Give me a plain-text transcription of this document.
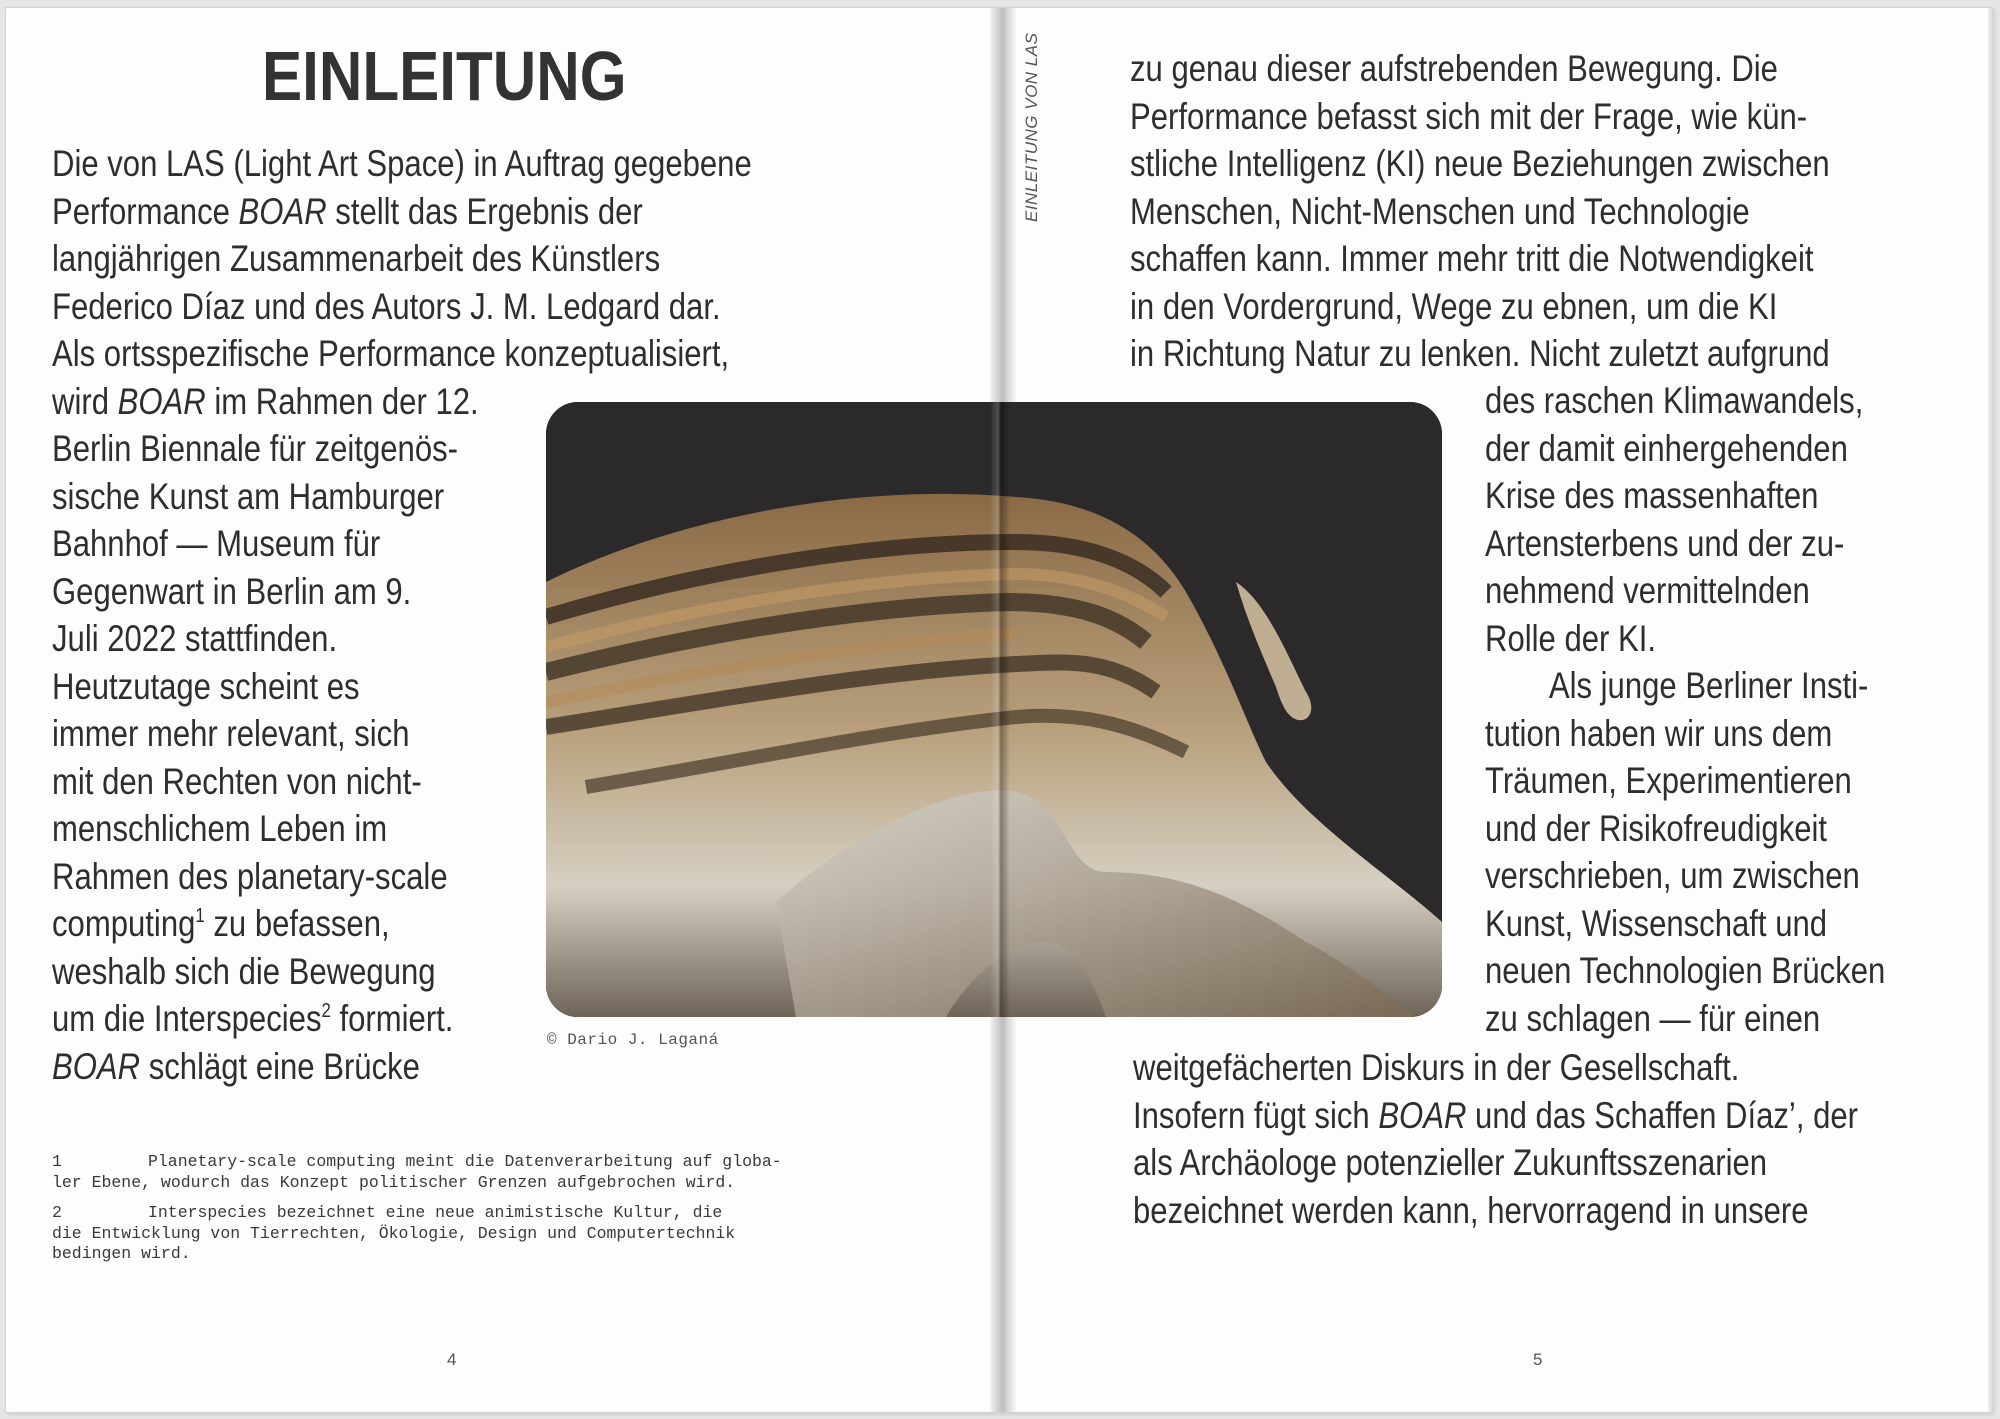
EINLEITUNG

Die von LAS (Light Art Space) in Auftrag gegebene
Performance BOAR stellt das Ergebnis der
langjährigen Zusammenarbeit des Künstlers
Federico Díaz und des Autors J. M. Ledgard dar.
Als ortsspezifische Performance konzeptualisiert,
wird BOAR im Rahmen der 12.
Berlin Biennale für zeitgenös-
sische Kunst am Hamburger
Bahnhof — Museum für
Gegenwart in Berlin am 9.
Juli 2022 stattfinden.
Heutzutage scheint es
immer mehr relevant, sich
mit den Rechten von nicht-
menschlichem Leben im
Rahmen des planetary-scale
computing$^1$ zu befassen,
weshalb sich die Bewegung
um die Interspecies$^2$ formiert.
BOAR schlägt eine Brücke

© Dario J. Laganá

EINLEITUNG VON LAS zu genau dieser aufstrebenden Bewegung. Die
Performance befasst sich mit der Frage, wie kün-
stliche Intelligenz (KI) neue Beziehungen zwischen
Menschen, Nicht-Menschen und Technologie
schaffen kann. Immer mehr tritt die Notwendigkeit
in den Vordergrund, Wege zu ebnen, um die KI
in Richtung Natur zu lenken. Nicht zuletzt aufgrund

des raschen Klimawandels,
der damit einhergehenden
Krise des massenhaften
Artensterbens und der zu-
nehmend vermittelnden
Rolle der KI.
Als junge Berliner Insti-
tution haben wir uns dem
Träumen, Experimentieren
und der Risikofreudigkeit
verschrieben, um zwischen
Kunst, Wissenschaft und
neuen Technologien Brücken
zu schlagen — für einen

weitgefächerten Diskurs in der Gesellschaft.
Insofern fügt sich BOAR und das Schaffen Díaz’, der
als Archäologe potenzieller Zukunftsszenarien
bezeichnet werden kann, hervorragend in unsere

1	Planetary-scale computing meint die Datenverarbeitung auf globa-
ler Ebene, wodurch das Konzept politischer Grenzen aufgebrochen wird.

2	Interspecies bezeichnet eine neue animistische Kultur, die
die Entwicklung von Tierrechten, Ökologie, Design und Computertechnik
bedingen wird.

4	5
